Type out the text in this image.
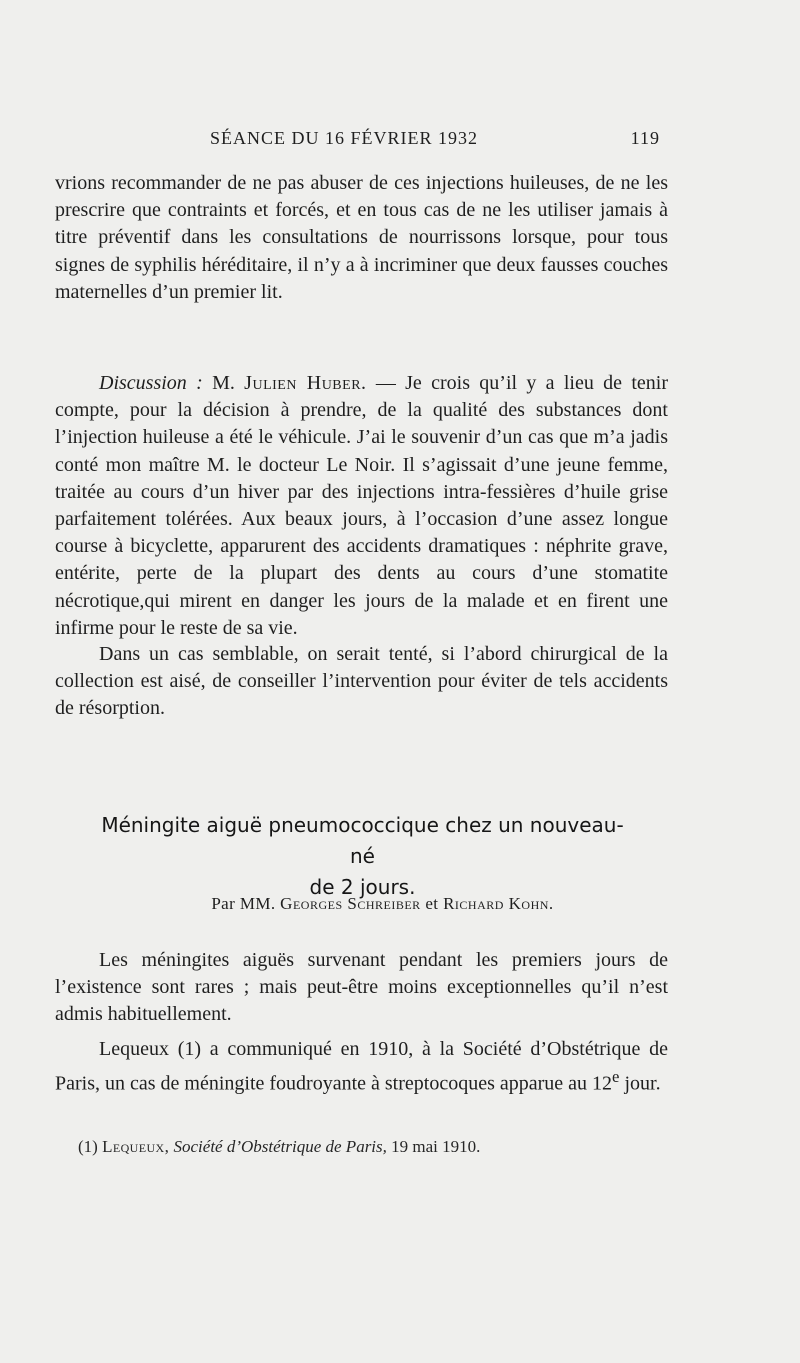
SÉANCE DU 16 FÉVRIER 1932	119

vrions recommander de ne pas abuser de ces injections huileuses, de ne les prescrire que contraints et forcés, et en tous cas de ne les utiliser jamais à titre préventif dans les consultations de nourrissons lorsque, pour tous signes de syphilis héréditaire, il n’y a à incriminer que deux fausses couches maternelles d’un premier lit.

Discussion : M. Julien Huber. — Je crois qu’il y a lieu de tenir compte, pour la décision à prendre, de la qualité des substances dont l’injection huileuse a été le véhicule. J’ai le souvenir d’un cas que m’a jadis conté mon maître M. le docteur Le Noir. Il s’agissait d’une jeune femme, traitée au cours d’un hiver par des injections intra-fessières d’huile grise parfaitement tolérées. Aux beaux jours, à l’occasion d’une assez longue course à bicyclette, apparurent des accidents dramatiques : néphrite grave, entérite, perte de la plupart des dents au cours d’une stomatite nécrotique,qui mirent en danger les jours de la malade et en firent une infirme pour le reste de sa vie.

Dans un cas semblable, on serait tenté, si l’abord chirurgical de la collection est aisé, de conseiller l’intervention pour éviter de tels accidents de résorption.

Méningite aiguë pneumococcique chez un nouveau-né
de 2 jours.
Par MM. Georges Schreiber et Richard Kohn.

Les méningites aiguës survenant pendant les premiers jours de l’existence sont rares ; mais peut-être moins exceptionnelles qu’il n’est admis habituellement.

Lequeux (1) a communiqué en 1910, à la Société d’Obstétrique de Paris, un cas de méningite foudroyante à streptocoques apparue au 12e jour.

(1) Lequeux, Société d’Obstétrique de Paris, 19 mai 1910.
